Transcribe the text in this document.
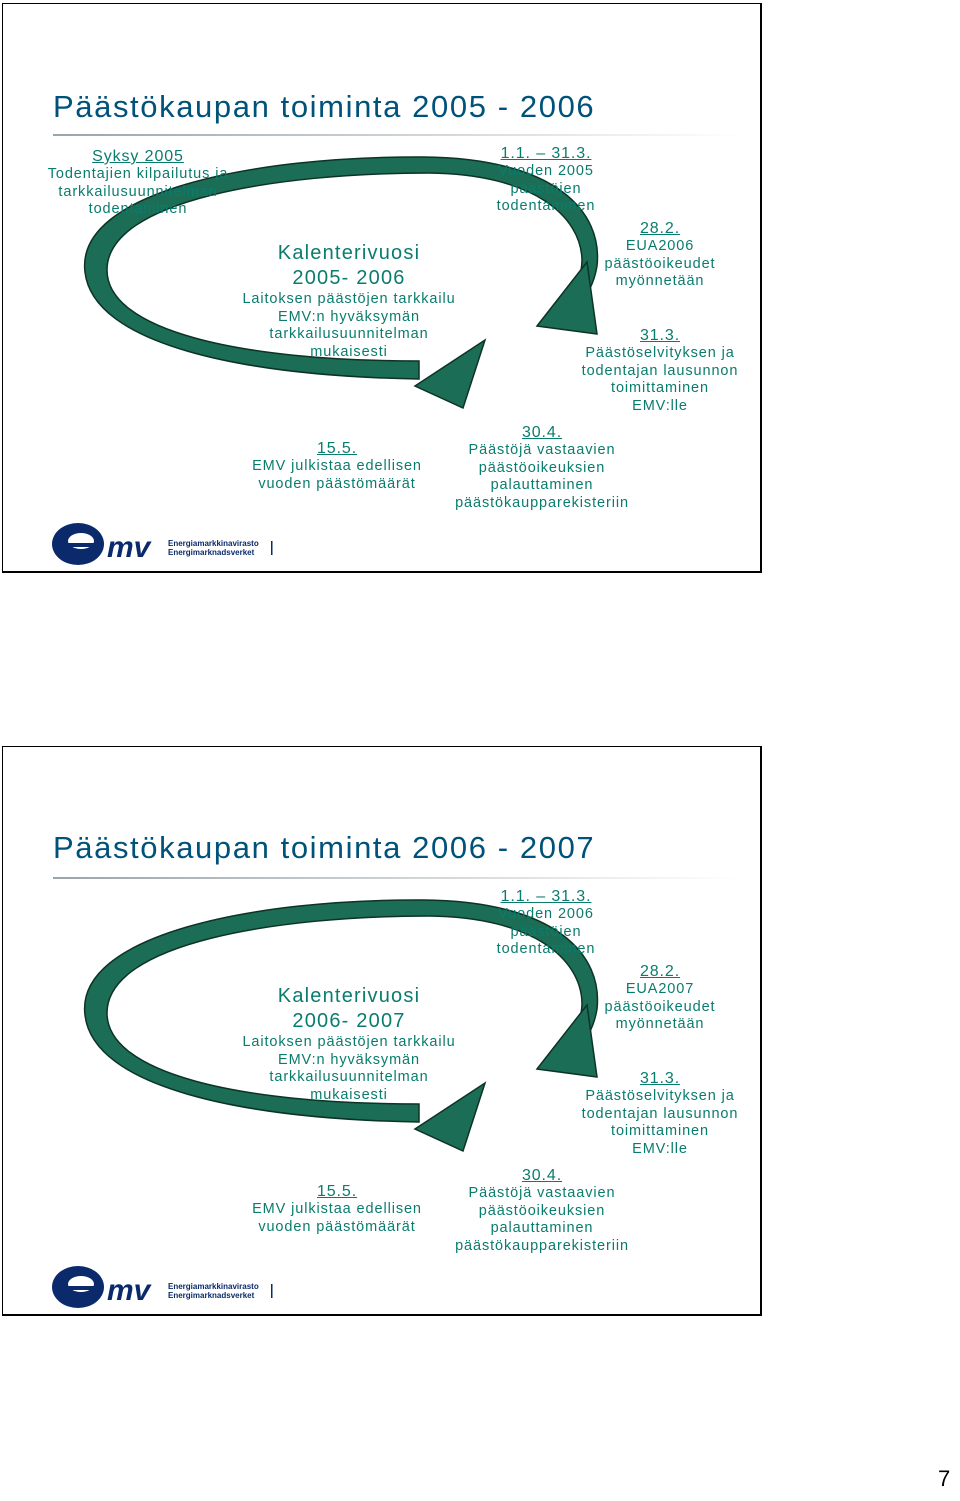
Päästökaupan toiminta 2005 - 2006
Syksy 2005
Todentajien kilpailutus ja
tarkkailusuunnitelman
todentaminen
Kalenterivuosi
2005- 2006
Laitoksen päästöjen tarkkailu
EMV:n hyväksymän
tarkkailusuunnitelman
mukaisesti
1.1. – 31.3.
Vuoden 2005
päästöjen
todentaminen
28.2.
EUA2006
päästöoikeudet
myönnetään
31.3.
Päästöselvityksen ja
todentajan lausunnon
toimittaminen
EMV:lle
30.4.
Päästöjä vastaavien
päästöoikeuksien
palauttaminen
päästökaupparekisteriin
15.5.
EMV julkistaa edellisen
vuoden päästömäärät
mv Energiamarkkinavirasto
Energimarknadsverket
Päästökaupan toiminta 2006 - 2007
Kalenterivuosi
2006- 2007
Laitoksen päästöjen tarkkailu
EMV:n hyväksymän
tarkkailusuunnitelman
mukaisesti
1.1. – 31.3.
Vuoden 2006
päästöjen
todentaminen
28.2.
EUA2007
päästöoikeudet
myönnetään
31.3.
Päästöselvityksen ja
todentajan lausunnon
toimittaminen
EMV:lle
30.4.
Päästöjä vastaavien
päästöoikeuksien
palauttaminen
päästökaupparekisteriin
15.5.
EMV julkistaa edellisen
vuoden päästömäärät
mv Energiamarkkinavirasto
Energimarknadsverket
7
